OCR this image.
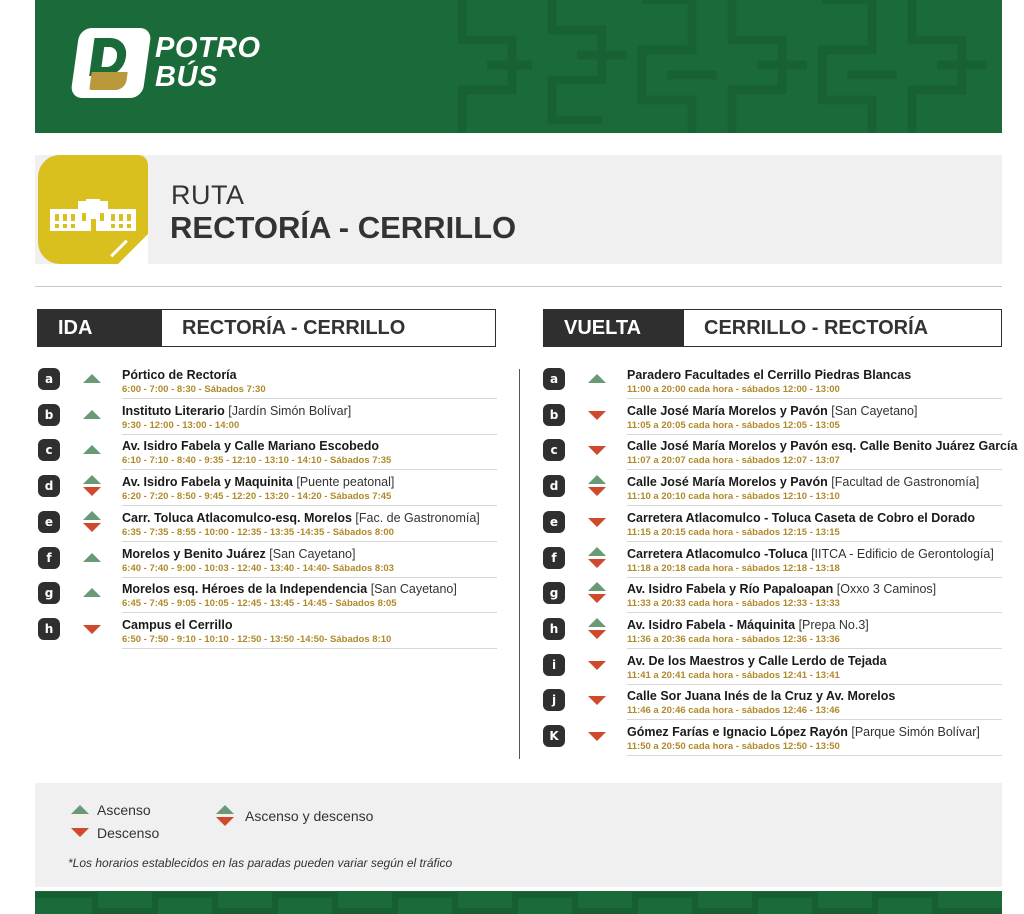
POTRO
BÚS
RUTA
RECTORÍA - CERRILLO
IDA	RECTORÍA - CERRILLO	VUELTA	CERRILLO - RECTORÍA
a	Pórtico de Rectoría
6:00 - 7:00 - 8:30 - Sábados 7:30
b	Instituto Literario [Jardín Simón Bolívar]
9:30 - 12:00 - 13:00 - 14:00
c	Av. Isidro Fabela y Calle Mariano Escobedo
6:10 - 7:10 - 8:40 - 9:35 - 12:10 - 13:10 - 14:10 - Sábados 7:35
d	Av. Isidro Fabela y Maquinita [Puente peatonal]
6:20 - 7:20 - 8:50 - 9:45 - 12:20 - 13:20 - 14:20 - Sábados 7:45
e	Carr. Toluca Atlacomulco-esq. Morelos [Fac. de Gastronomía]
6:35 - 7:35 - 8:55 - 10:00 - 12:35 - 13:35 -14:35 - Sábados 8:00
f	Morelos y Benito Juárez [San Cayetano]
6:40 - 7:40 - 9:00 - 10:03 - 12:40 - 13:40 - 14:40- Sábados 8:03
g	Morelos esq. Héroes de la Independencia [San Cayetano]
6:45 - 7:45 - 9:05 - 10:05 - 12:45 - 13:45 - 14:45 - Sábados 8:05
h	Campus el Cerrillo
6:50 - 7:50 - 9:10 - 10:10 - 12:50 - 13:50 -14:50- Sábados 8:10
a	Paradero Facultades el Cerrillo Piedras Blancas
11:00 a 20:00 cada hora - sábados 12:00 - 13:00
b	Calle José María Morelos y Pavón [San Cayetano]
11:05 a 20:05 cada hora - sábados 12:05 - 13:05
c	Calle José María Morelos y Pavón esq. Calle Benito Juárez García
11:07 a 20:07 cada hora - sábados 12:07 - 13:07
d	Calle José María Morelos y Pavón [Facultad de Gastronomía]
11:10 a 20:10 cada hora - sábados 12:10 - 13:10
e	Carretera Atlacomulco - Toluca Caseta de Cobro el Dorado
11:15 a 20:15 cada hora - sábados 12:15 - 13:15
f	Carretera Atlacomulco -Toluca [IITCA - Edificio de Gerontología]
11:18 a 20:18 cada hora - sábados 12:18 - 13:18
g	Av. Isidro Fabela y Río Papaloapan [Oxxo 3 Caminos]
11:33 a 20:33 cada hora - sábados 12:33 - 13:33
h	Av. Isidro Fabela - Máquinita [Prepa No.3]
11:36 a 20:36 cada hora - sábados 12:36 - 13:36
i	Av. De los Maestros y Calle Lerdo de Tejada
11:41 a 20:41 cada hora - sábados 12:41 - 13:41
j	Calle Sor Juana Inés de la Cruz y Av. Morelos
11:46 a 20:46 cada hora - sábados 12:46 - 13:46
K	Gómez Farías e Ignacio López Rayón [Parque Simón Bolívar]
11:50 a 20:50 cada hora - sábados 12:50 - 13:50
Ascenso
Descenso
Ascenso y descenso
*Los horarios establecidos en las paradas pueden variar según el tráfico
